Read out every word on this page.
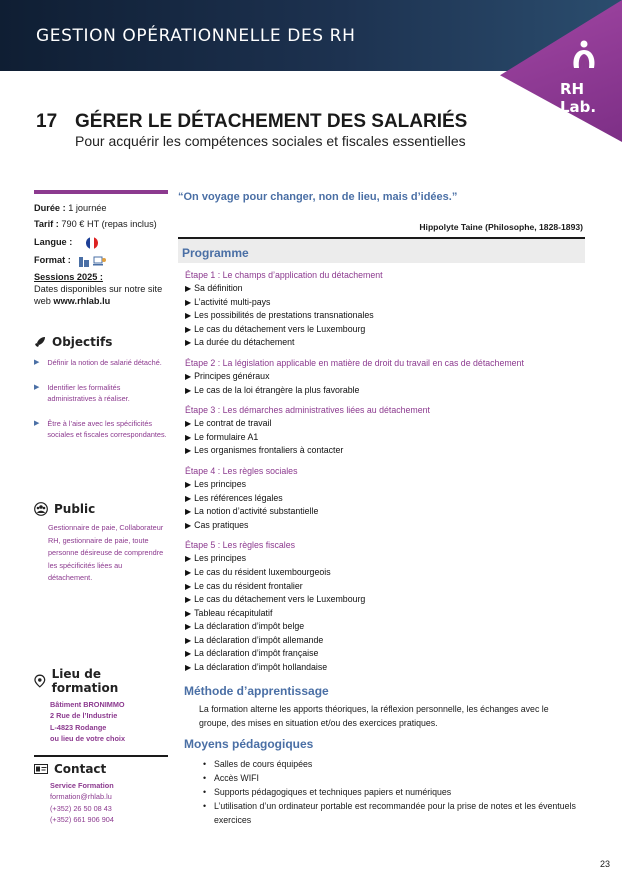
GESTION OPÉRATIONNELLE DES RH
RH Lab.
17 GÉRER LE DÉTACHEMENT DES SALARIÉS
Pour acquérir les compétences sociales et fiscales essentielles
Durée : 1 journée
Tarif : 790 € HT (repas inclus)
Langue :
Format :
Sessions 2025 :
Dates disponibles sur notre site web www.rhlab.lu
Objectifs
▶ Définir la notion de salarié détaché.
▶ Identifier les formalités administratives à réaliser.
▶ Être à l’aise avec les spécificités sociales et fiscales correspondantes.
Public
Gestionnaire de paie, Collaborateur RH, gestionnaire de paie, toute personne désireuse de comprendre les spécificités liées au détachement.
Lieu de formation
Bâtiment BRONIMMO
2 Rue de l’Industrie
L-4823 Rodange
ou lieu de votre choix
Contact
Service Formation
formation@rhlab.lu
(+352) 26 50 08 43
(+352) 661 906 904
“On voyage pour changer, non de lieu, mais d’idées.”
Hippolyte Taine (Philosophe, 1828-1893)
Programme
Étape 1 : Le champs d’application du détachement
▶ Sa définition
▶ L’activité multi-pays
▶ Les possibilités de prestations transnationales
▶ Le cas du détachement vers le Luxembourg
▶ La durée du détachement
Étape 2 : La législation applicable en matière de droit du travail en cas de détachement
▶ Principes généraux
▶ Le cas de la loi étrangère la plus favorable
Étape 3 : Les démarches administratives liées au détachement
▶ Le contrat de travail
▶ Le formulaire A1
▶ Les organismes frontaliers à contacter
Étape 4 : Les règles sociales
▶ Les principes
▶ Les références légales
▶ La notion d’activité substantielle
▶ Cas pratiques
Étape 5 : Les règles fiscales
▶ Les principes
▶ Le cas du résident luxembourgeois
▶ Le cas du résident frontalier
▶ Le cas du détachement vers le Luxembourg
▶ Tableau récapitulatif
▶ La déclaration d’impôt belge
▶ La déclaration d’impôt allemande
▶ La déclaration d’impôt française
▶ La déclaration d’impôt hollandaise
Méthode d’apprentissage
La formation alterne les apports théoriques, la réflexion personnelle, les échanges avec le groupe, des mises en situation et/ou des exercices pratiques.
Moyens pédagogiques
• Salles de cours équipées
• Accès WIFI
• Supports pédagogiques et techniques papiers et numériques
• L’utilisation d’un ordinateur portable est recommandée pour la prise de notes et les éventuels exercices
23
